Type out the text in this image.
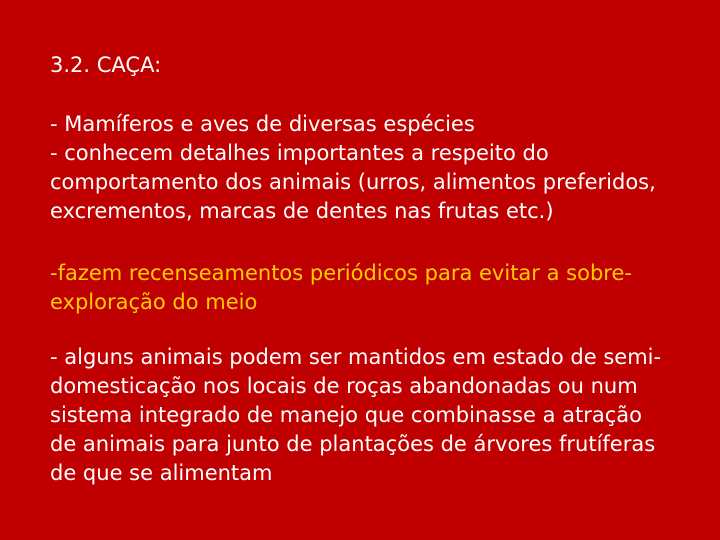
3.2. CAÇA:
- Mamíferos e aves de diversas espécies
- conhecem detalhes importantes a respeito do
comportamento dos animais (urros, alimentos preferidos,
excrementos, marcas de dentes nas frutas etc.)
-fazem recenseamentos periódicos para evitar a sobre-
exploração do meio
- alguns animais podem ser mantidos em estado de semi-
domesticação nos locais de roças abandonadas ou num
sistema integrado de manejo que combinasse a atração
de animais para junto de plantações de árvores frutíferas
de que se alimentam
